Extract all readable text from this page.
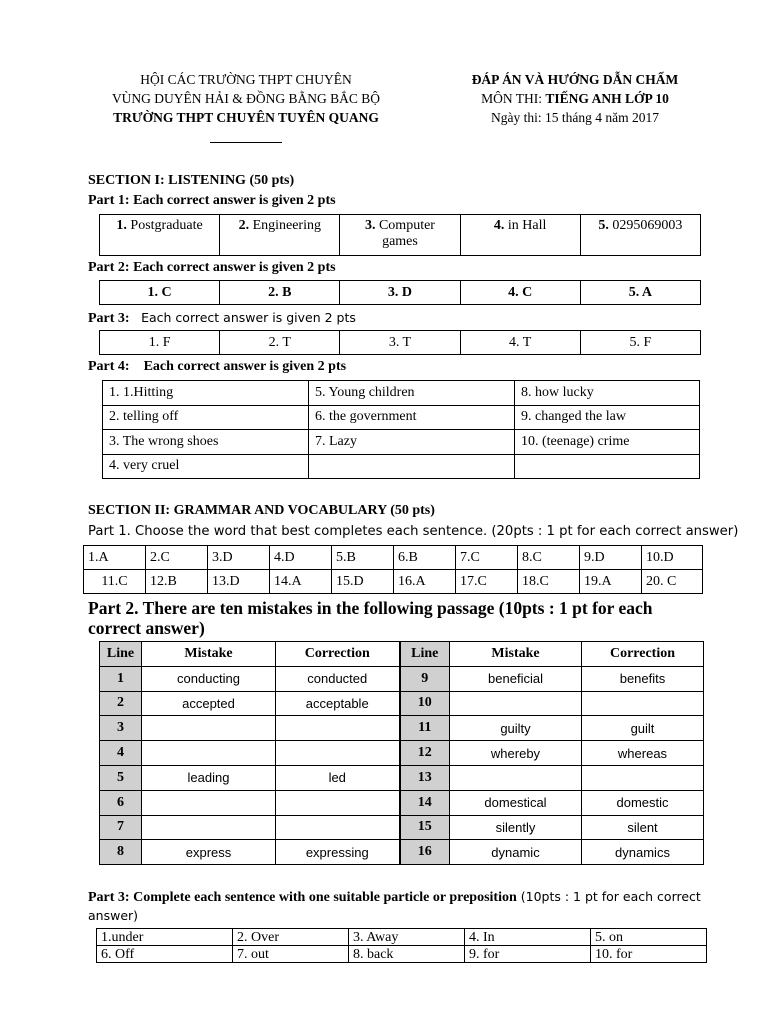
HỘI CÁC TRƯỜNG THPT CHUYÊN
VÙNG DUYÊN HẢI & ĐỒNG BẰNG BẮC BỘ
TRƯỜNG THPT CHUYÊN TUYÊN QUANG
ĐÁP ÁN VÀ HƯỚNG DẪN CHẤM
MÔN THI: TIẾNG ANH LỚP 10
Ngày thi: 15 tháng 4 năm 2017
SECTION I: LISTENING (50 pts)
Part 1: Each correct answer is given 2 pts
1. Postgraduate	2. Engineering	3. Computer games	4. in Hall	5. 0295069003
Part 2: Each correct answer is given 2 pts
1. C	2. B	3. D	4. C	5. A
Part 3: Each correct answer is given 2 pts
1. F	2. T	3. T	4. T	5. F
Part 4:    Each correct answer is given 2 pts
1. 1.Hitting	5. Young children	8. how lucky
2. telling off	6. the government	9. changed the law
3. The wrong shoes	7. Lazy	10. (teenage) crime
4. very cruel		
SECTION II: GRAMMAR AND VOCABULARY (50 pts)
Part 1. Choose the word that best completes each sentence. (20pts : 1 pt for each correct answer)
1.A	2.C	3.D	4.D	5.B	6.B	7.C	8.C	9.D	10.D
11.C	12.B	13.D	14.A	15.D	16.A	17.C	18.C	19.A	20. C
Part 2. There are ten mistakes in the following passage (10pts : 1 pt for each correct answer)
Line	Mistake	Correction	Line	Mistake	Correction
1	conducting	conducted	9	beneficial	benefits
2	accepted	acceptable	10		
3			11	guilty	guilt
4			12	whereby	whereas
5	leading	led	13		
6			14	domestical	domestic
7			15	silently	silent
8	express	expressing	16	dynamic	dynamics
Part 3: Complete each sentence with one suitable particle or preposition (10pts : 1 pt for each correct answer)
1.under	2. Over	3. Away	4. In	5. on
6. Off	7. out	8. back	9. for	10. for
